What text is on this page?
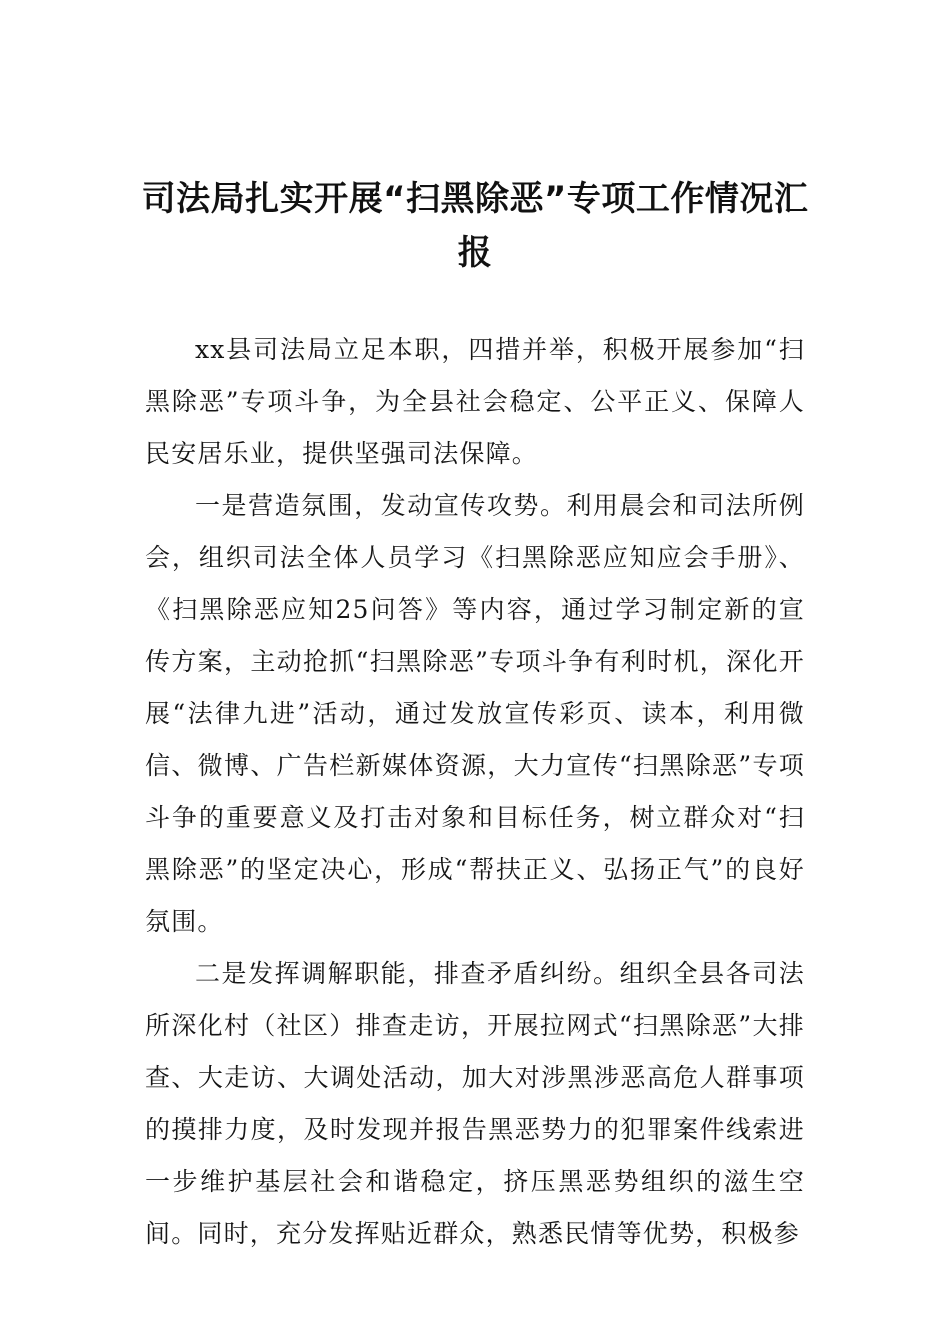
司法局扎实开展“扫黑除恶”专项工作情况汇报

xx县司法局立足本职，四措并举，积极开展参加“扫黑除恶”专项斗争，为全县社会稳定、公平正义、保障人民安居乐业，提供坚强司法保障。

一是营造氛围，发动宣传攻势。利用晨会和司法所例会，组织司法全体人员学习《扫黑除恶应知应会手册》、《扫黑除恶应知25问答》等内容，通过学习制定新的宣传方案，主动抢抓“扫黑除恶”专项斗争有利时机，深化开展“法律九进”活动，通过发放宣传彩页、读本，利用微信、微博、广告栏新媒体资源，大力宣传“扫黑除恶”专项斗争的重要意义及打击对象和目标任务，树立群众对“扫黑除恶”的坚定决心，形成“帮扶正义、弘扬正气”的良好氛围。

二是发挥调解职能，排查矛盾纠纷。组织全县各司法所深化村（社区）排查走访，开展拉网式“扫黑除恶”大排查、大走访、大调处活动，加大对涉黑涉恶高危人群事项的摸排力度，及时发现并报告黑恶势力的犯罪案件线索进一步维护基层社会和谐稳定，挤压黑恶势组织的滋生空间。同时，充分发挥贴近群众，熟悉民情等优势，积极参
